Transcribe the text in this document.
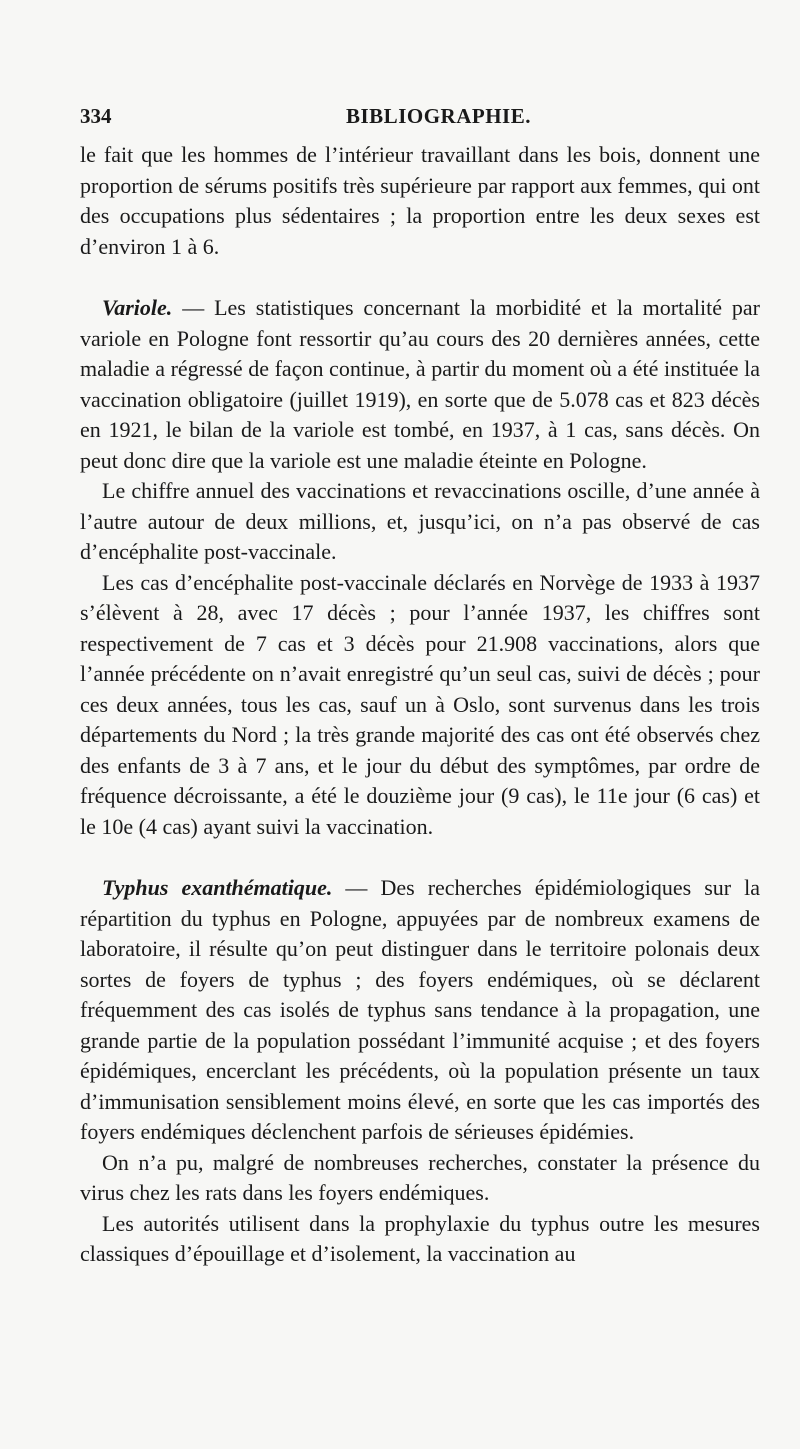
334	BIBLIOGRAPHIE.

le fait que les hommes de l’intérieur travaillant dans les bois, donnent une proportion de sérums positifs très supérieure par rapport aux femmes, qui ont des occupations plus sédentaires ; la proportion entre les deux sexes est d’environ 1 à 6.

Variole. — Les statistiques concernant la morbidité et la mortalité par variole en Pologne font ressortir qu’au cours des 20 dernières années, cette maladie a régressé de façon continue, à partir du moment où a été instituée la vaccination obligatoire (juillet 1919), en sorte que de 5.078 cas et 823 décès en 1921, le bilan de la variole est tombé, en 1937, à 1 cas, sans décès. On peut donc dire que la variole est une maladie éteinte en Pologne.

Le chiffre annuel des vaccinations et revaccinations oscille, d’une année à l’autre autour de deux millions, et, jusqu’ici, on n’a pas observé de cas d’encéphalite post-vaccinale.

Les cas d’encéphalite post-vaccinale déclarés en Norvège de 1933 à 1937 s’élèvent à 28, avec 17 décès ; pour l’année 1937, les chiffres sont respectivement de 7 cas et 3 décès pour 21.908 vaccinations, alors que l’année précédente on n’avait enregistré qu’un seul cas, suivi de décès ; pour ces deux années, tous les cas, sauf un à Oslo, sont survenus dans les trois départements du Nord ; la très grande majorité des cas ont été observés chez des enfants de 3 à 7 ans, et le jour du début des symptômes, par ordre de fréquence décroissante, a été le douzième jour (9 cas), le 11e jour (6 cas) et le 10e (4 cas) ayant suivi la vaccination.

Typhus exanthématique. — Des recherches épidémiologiques sur la répartition du typhus en Pologne, appuyées par de nombreux examens de laboratoire, il résulte qu’on peut distinguer dans le territoire polonais deux sortes de foyers de typhus ; des foyers endémiques, où se déclarent fréquemment des cas isolés de typhus sans tendance à la propagation, une grande partie de la population possédant l’immunité acquise ; et des foyers épidémiques, encerclant les précédents, où la population présente un taux d’immunisation sensiblement moins élevé, en sorte que les cas importés des foyers endémiques déclenchent parfois de sérieuses épidémies.

On n’a pu, malgré de nombreuses recherches, constater la présence du virus chez les rats dans les foyers endémiques.

Les autorités utilisent dans la prophylaxie du typhus outre les mesures classiques d’épouillage et d’isolement, la vaccination au
